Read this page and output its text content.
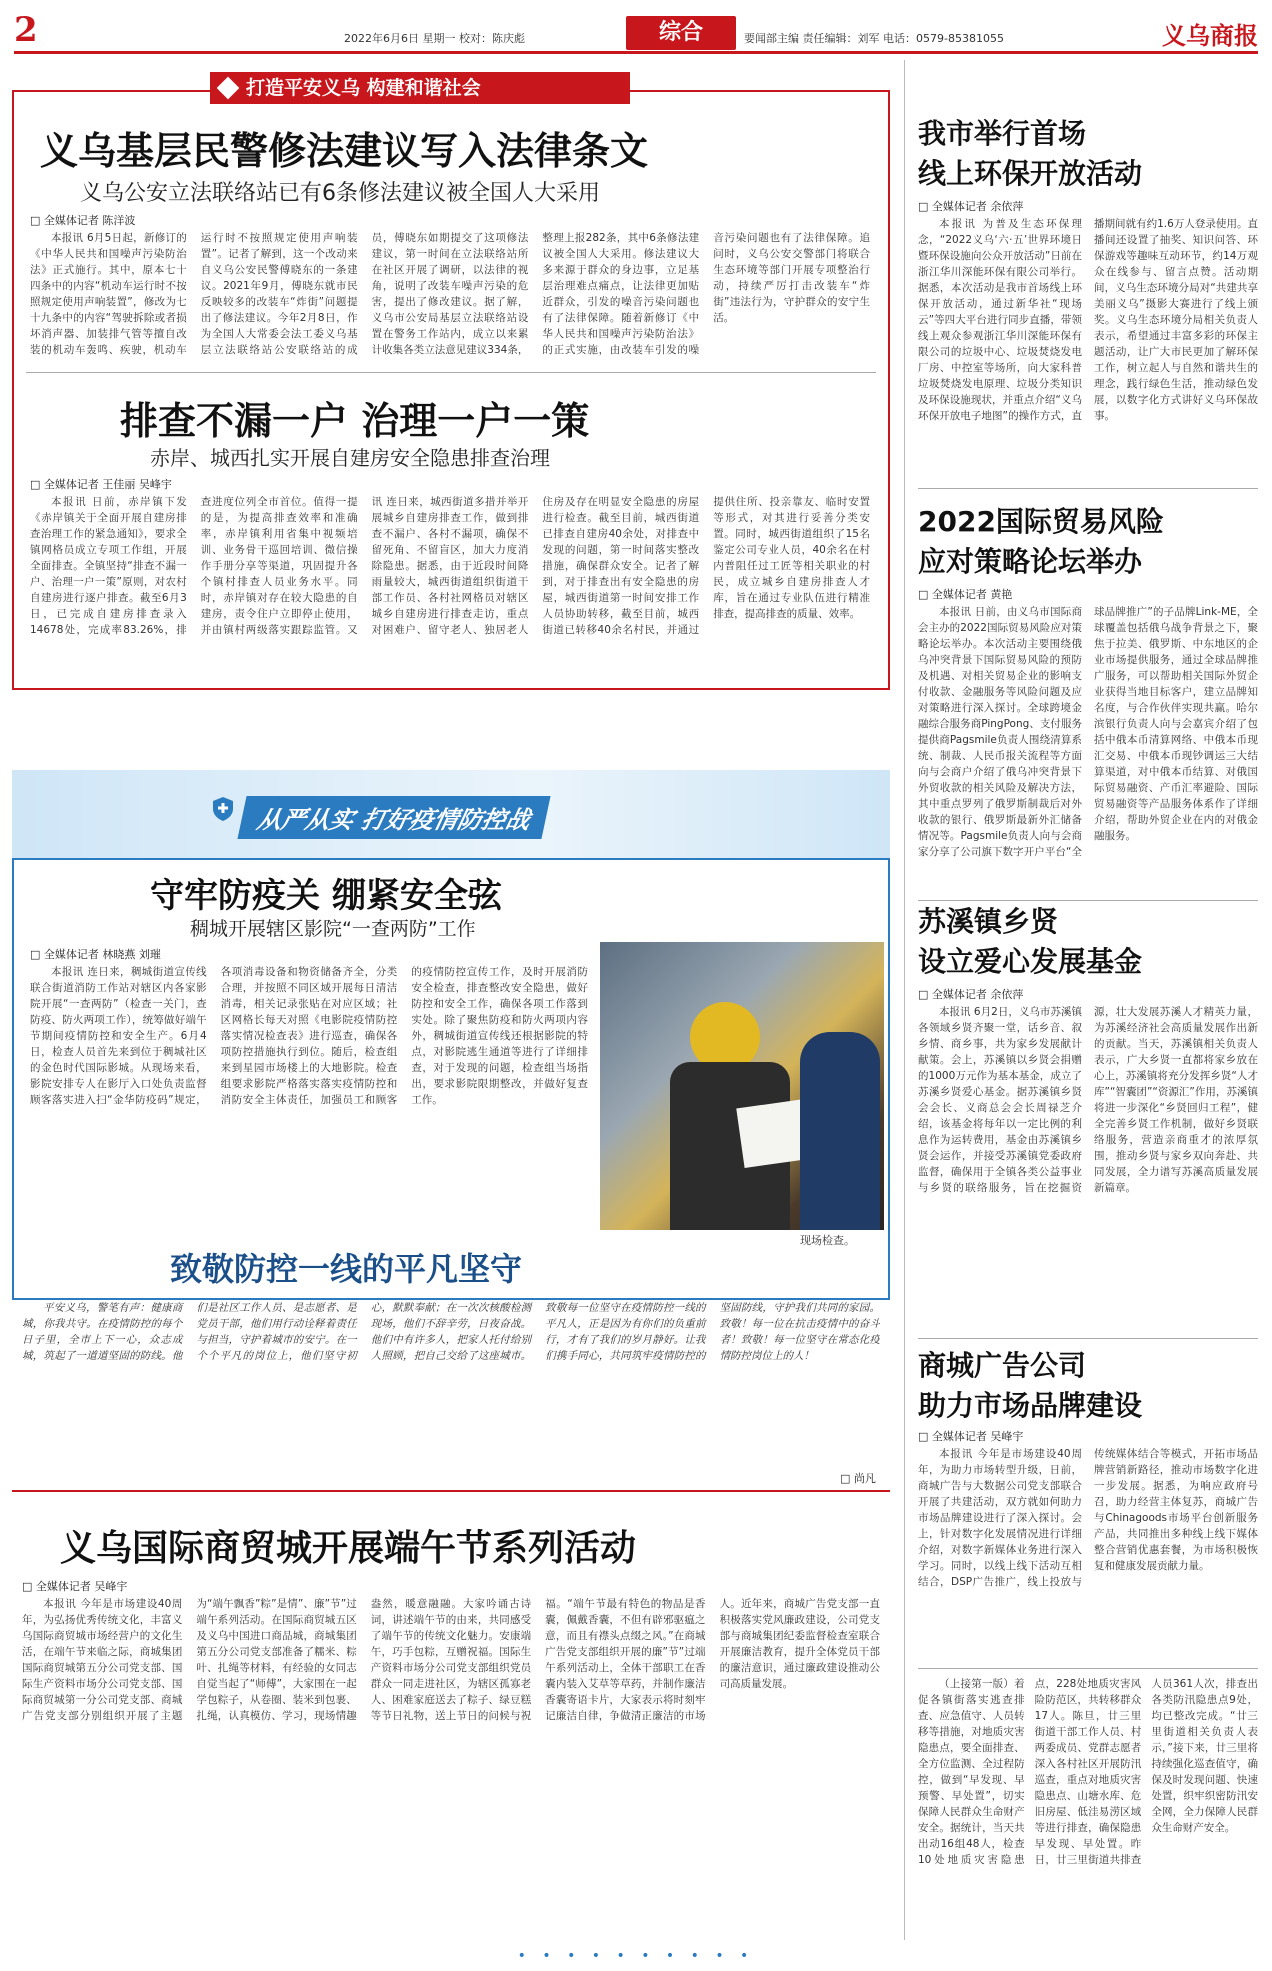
2	2022年6月6日 星期一 校对：陈庆彪	综合	要闻部主编 责任编辑：刘军 电话：0579-85381055	义乌商报
打造平安义乌 构建和谐社会
义乌基层民警修法建议写入法律条文
义乌公安立法联络站已有6条修法建议被全国人大采用
□ 全媒体记者 陈洋波

本报讯 6月5日起，新修订的《中华人民共和国噪声污染防治法》正式施行。其中，原本七十四条中的内容“机动车运行时不按照规定使用声响装置”，修改为七十九条中的内容“驾驶拆除或者损坏消声器、加装排气管等擅自改装的机动车轰鸣、疾驶，机动车运行时不按照规定使用声响装置”。记者了解到，这一个改动来自义乌公安民警傅晓东的一条建议。2021年9月，傅晓东就市民反映较多的改装车“炸街”问题提出了修法建议。今年2月8日，作为全国人大常委会法工委义乌基层立法联络站公安联络站的成员，傅晓东如期提交了这项修法建议，第一时间在立法联络站所在社区开展了调研，以法律的视角，说明了改装车噪声污染的危害，提出了修改建议。据了解，义乌市公安局基层立法联络站设置在警务工作站内，成立以来累计收集各类立法意见建议334条，整理上报282条，其中6条修法建议被全国人大采用。修法建议大多来源于群众的身边事，立足基层治理难点痛点，让法律更加贴近群众，引发的噪音污染问题也有了法律保障。随着新修订《中华人民共和国噪声污染防治法》的正式实施，由改装车引发的噪音污染问题也有了法律保障。追问时，义乌公安交警部门将联合生态环境等部门开展专项整治行动，持续严厉打击改装车“炸街”违法行为，守护群众的安宁生活。

排查不漏一户 治理一户一策
赤岸、城西扎实开展自建房安全隐患排查治理
□ 全媒体记者 王佳丽 吴峰宇

本报讯 日前，赤岸镇下发《赤岸镇关于全面开展自建房排查治理工作的紧急通知》，要求全镇网格员成立专项工作组，开展全面排查。全镇坚持“排查不漏一户、治理一户一策”原则，对农村自建房进行逐户排查。截至6月3日，已完成自建房排查录入14678处，完成率83.26%，排查进度位列全市首位。值得一提的是，为提高排查效率和准确率，赤岸镇利用省集中视频培训、业务骨干巡回培训、微信操作手册分享等渠道，巩固提升各个镇村排查人员业务水平。同时，赤岸镇对存在较大隐患的自建房，责令住户立即停止使用，并由镇村两级落实跟踪监管。又讯 连日来，城西街道多措并举开展城乡自建房排查工作，做到排查不漏户、各村不漏项，确保不留死角、不留盲区，加大力度消除隐患。据悉，由于近段时间降雨量较大，城西街道组织街道干部工作员、各村社网格员对辖区城乡自建房进行排查走访，重点对困难户、留守老人、独居老人住房及存在明显安全隐患的房屋进行检查。截至目前，城西街道已排查自建房40余处，对排查中发现的问题，第一时间落实整改措施，确保群众安全。记者了解到，对于排查出有安全隐患的房屋，城西街道第一时间安排工作人员协助转移，截至目前，城西街道已转移40余名村民，并通过提供住所、投亲靠友、临时安置等形式，对其进行妥善分类安置。同时，城西街道组织了15名鉴定公司专业人员，40余名在村内普阻任过工匠等相关职业的村民，成立城乡自建房排查人才库，旨在通过专业队伍进行精准排查，提高排查的质量、效率。

从严从实 打好疫情防控战
守牢防疫关 绷紧安全弦
稠城开展辖区影院“一查两防”工作
□ 全媒体记者 林晓燕 刘璀

本报讯 连日来，稠城街道宣传线联合街道消防工作站对辖区内各家影院开展“一查两防”（检查一关门，查防疫、防火两项工作），统筹做好端午节期间疫情防控和安全生产。6月4日，检查人员首先来到位于稠城社区的金色时代国际影城。从现场来看，影院安排专人在影厅入口处负责监督顾客落实进入扫“金华防疫码”规定，各项消毒设备和物资储备齐全，分类合理，并按照不同区域开展每日清洁消毒，相关记录张贴在对应区域；社区网格长每天对照《电影院疫情防控落实情况检查表》进行巡查，确保各项防控措施执行到位。随后，检查组来到星园市场楼上的大地影院。检查组要求影院严格落实落实疫情防控和消防安全主体责任，加强员工和顾客的疫情防控宣传工作，及时开展消防安全检查，排查整改安全隐患，做好防控和安全工作，确保各项工作落到实处。除了聚焦防疫和防火两项内容外，稠城街道宣传线还根据影院的特点，对影院逃生通道等进行了详细排查，对于发现的问题，检查组当场指出，要求影院限期整改，并做好复查工作。

现场检查。
致敬防控一线的平凡坚守

平安义乌，警笔有声：健康商城，你我共守。在疫情防控的每个日子里，全市上下一心，众志成城，筑起了一道道坚固的防线。他们是社区工作人员、是志愿者、是党员干部，他们用行动诠释着责任与担当，守护着城市的安宁。在一个个平凡的岗位上，他们坚守初心，默默奉献；在一次次核酸检测现场，他们不辞辛劳，日夜奋战。他们中有许多人，把家人托付给别人照顾，把自己交给了这座城市。致敬每一位坚守在疫情防控一线的平凡人，正是因为有你们的负重前行，才有了我们的岁月静好。让我们携手同心，共同筑牢疫情防控的坚固防线，守护我们共同的家园。致敬！每一位在抗击疫情中的奋斗者！致敬！每一位坚守在常态化疫情防控岗位上的人！

□ 尚凡
义乌国际商贸城开展端午节系列活动
□ 全媒体记者 吴峰宇

本报讯 今年是市场建设40周年，为弘扬优秀传统文化，丰富义乌国际商贸城市场经营户的文化生活，在端午节来临之际，商城集团国际商贸城第五分公司党支部、国际生产资料市场分公司党支部、国际商贸城第一分公司党支部、商城广告党支部分别组织开展了主题为“端午飘香”粽”是情”、廉”节”过端午系列活动。在国际商贸城五区及义乌中国进口商品城，商城集团第五分公司党支部准备了糯米、粽叶、扎绳等材料，有经验的女同志自觉当起了“师傅”，大家围在一起学包粽子，从卷圈、装米到包裹、扎绳，认真模仿、学习，现场情趣盎然，暖意融融。大家吟诵古诗词，讲述端午节的由来，共同感受了端午节的传统文化魅力。安康端午，巧手包粽，互赠祝福。国际生产资料市场分公司党支部组织党员群众一同走进社区，为辖区孤寡老人、困难家庭送去了粽子、绿豆糕等节日礼物，送上节日的问候与祝福。“端午节最有特色的物品是香囊，佩戴香囊，不但有辟邪驱瘟之意，而且有襟头点缀之风。”在商城广告党支部组织开展的廉”节”过端午系列活动上，全体干部职工在香囊内装入艾草等草药，并制作廉洁香囊寄语卡片，大家表示将时刻牢记廉洁自律，争做清正廉洁的市场人。近年来，商城广告党支部一直积极落实党风廉政建设，公司党支部与商城集团纪委监督检查室联合开展廉洁教育，提升全体党员干部的廉洁意识，通过廉政建设推动公司高质量发展。

我市举行首场
线上环保开放活动
□ 全媒体记者 余依萍

本报讯 为普及生态环保理念，“2022义乌‘六·五’世界环境日暨环保设施向公众开放活动”日前在浙江华川深能环保有限公司举行。据悉，本次活动是我市首场线上环保开放活动，通过新华社“现场云”等四大平台进行同步直播，带领线上观众参观浙江华川深能环保有限公司的垃圾中心、垃圾焚烧发电厂房、中控室等场所，向大家科普垃圾焚烧发电原理、垃圾分类知识及环保设施现状，并重点介绍“义乌环保开放电子地图”的操作方式，直播期间就有约1.6万人登录使用。直播间还设置了抽奖、知识问答、环保游戏等趣味互动环节，约14万观众在线参与、留言点赞。活动期间，义乌生态环境分局对“共建共享 美丽义乌”摄影大赛进行了线上颁奖。义乌生态环境分局相关负责人表示，希望通过丰富多彩的环保主题活动，让广大市民更加了解环保工作，树立起人与自然和谐共生的理念，践行绿色生活，推动绿色发展，以数字化方式讲好义乌环保故事。

2022国际贸易风险
应对策略论坛举办
□ 全媒体记者 黄艳

本报讯 日前，由义乌市国际商会主办的2022国际贸易风险应对策略论坛举办。本次活动主要围绕俄乌冲突背景下国际贸易风险的预防及机遇、对相关贸易企业的影响支付收款、金融服务等风险问题及应对策略进行深入探讨。全球跨境金融综合服务商PingPong、支付服务提供商Pagsmile负责人围绕清算系统、制裁、人民币报关流程等方面向与会商户介绍了俄乌冲突背景下外贸收款的相关风险及解决方法，其中重点罗列了俄罗斯制裁后对外收款的银行、俄罗斯最新外汇储备情况等。Pagsmile负责人向与会商家分享了公司旗下数字开户平台“全球品牌推广”的子品牌Link-ME，全球覆盖包括俄乌战争背景之下，聚焦于拉美、俄罗斯、中东地区的企业市场提供服务，通过全球品牌推广服务，可以帮助相关国际外贸企业获得当地目标客户，建立品牌知名度，与合作伙伴实现共赢。哈尔滨银行负责人向与会嘉宾介绍了包括中俄本币清算网络、中俄本币现汇交易、中俄本币现钞调运三大结算渠道，对中俄本币结算、对俄国际贸易融资、产币汇率避险、国际贸易融资等产品服务体系作了详细介绍，帮助外贸企业在内的对俄金融服务。

苏溪镇乡贤
设立爱心发展基金
□ 全媒体记者 余依萍

本报讯 6月2日，义乌市苏溪镇各领域乡贤齐聚一堂，话乡音、叙乡情、商乡事，共为家乡发展献计献策。会上，苏溪镇以乡贤会捐赠的1000万元作为基本基金，成立了苏溪乡贤爱心基金。据苏溪镇乡贤会会长、义商总会会长周禄芝介绍，该基金将每年以一定比例的利息作为运转费用，基金由苏溪镇乡贤会运作，并接受苏溪镇党委政府监督，确保用于全镇各类公益事业与乡贤的联络服务，旨在挖掘资源，壮大发展苏溪人才精英力量，为苏溪经济社会高质量发展作出新的贡献。当天，苏溪镇相关负责人表示，广大乡贤一直都将家乡放在心上，苏溪镇将充分发挥乡贤“人才库”“智囊团”“资源汇”作用，苏溪镇将进一步深化“乡贤回归工程”，健全完善乡贤工作机制，做好乡贤联络服务，营造亲商重才的浓厚氛围，推动乡贤与家乡双向奔赴、共同发展，全力谱写苏溪高质量发展新篇章。

商城广告公司
助力市场品牌建设
□ 全媒体记者 吴峰宇

本报讯 今年是市场建设40周年，为助力市场转型升级，日前，商城广告与大数据公司党支部联合开展了共建活动，双方就如何助力市场品牌建设进行了深入探讨。会上，针对数字化发展情况进行详细介绍，对数字新媒体业务进行深入学习。同时，以线上线下活动互相结合，DSP广告推广，线上投放与传统媒体结合等模式，开拓市场品牌营销新路径，推动市场数字化进一步发展。据悉，为响应政府号召，助力经营主体复苏，商城广告与Chinagoods市场平台创新服务产品，共同推出多种线上线下媒体整合营销优惠套餐，为市场积极恢复和健康发展贡献力量。

（上接第一版）着促各镇街落实逃查排查、应急值守、人员转移等措施，对地质灾害隐患点，要全面排查、全方位监测、全过程防控，做到“早发现、早预警、早处置”，切实保障人民群众生命财产安全。据统计，当天共出动16组48人，检查10处地质灾害隐患点，228处地质灾害风险防范区，共转移群众17人。陈旦，廿三里街道干部工作人员、村两委成员、党群志愿者深入各村社区开展防汛巡查，重点对地质灾害隐患点、山塘水库、危旧房屋、低洼易涝区域等进行排查，确保隐患早发现、早处置。昨日，廿三里街道共排查人员361人次，排查出各类防汛隐患点9处，均已整改完成。“廿三里街道相关负责人表示，”接下来，廿三里将持续强化巡查值守，确保及时发现问题、快速处置，织牢织密防汛安全网，全力保障人民群众生命财产安全。

• • • • • • • • • •
